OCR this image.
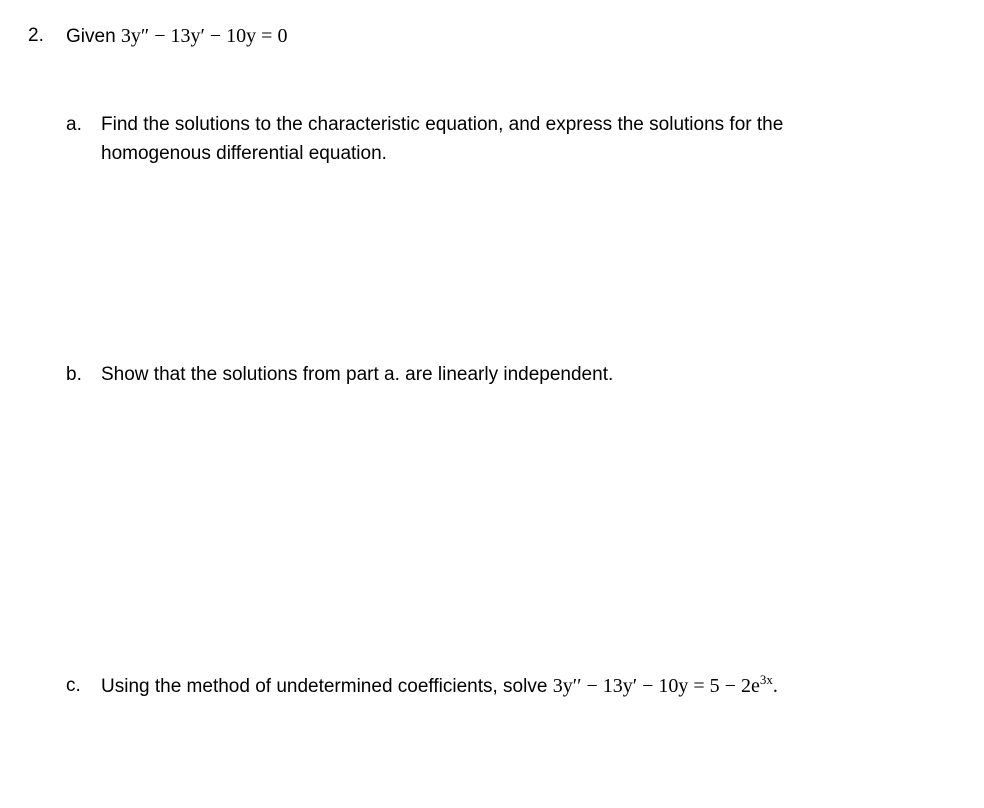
2. Given 3y″ − 13y′ − 10y = 0
a. Find the solutions to the characteristic equation, and express the solutions for the
homogenous differential equation.
b. Show that the solutions from part a. are linearly independent.
c. Using the method of undetermined coefficients, solve $3y'' - 13y' - 10y = 5 - 2e^{3x}$.
